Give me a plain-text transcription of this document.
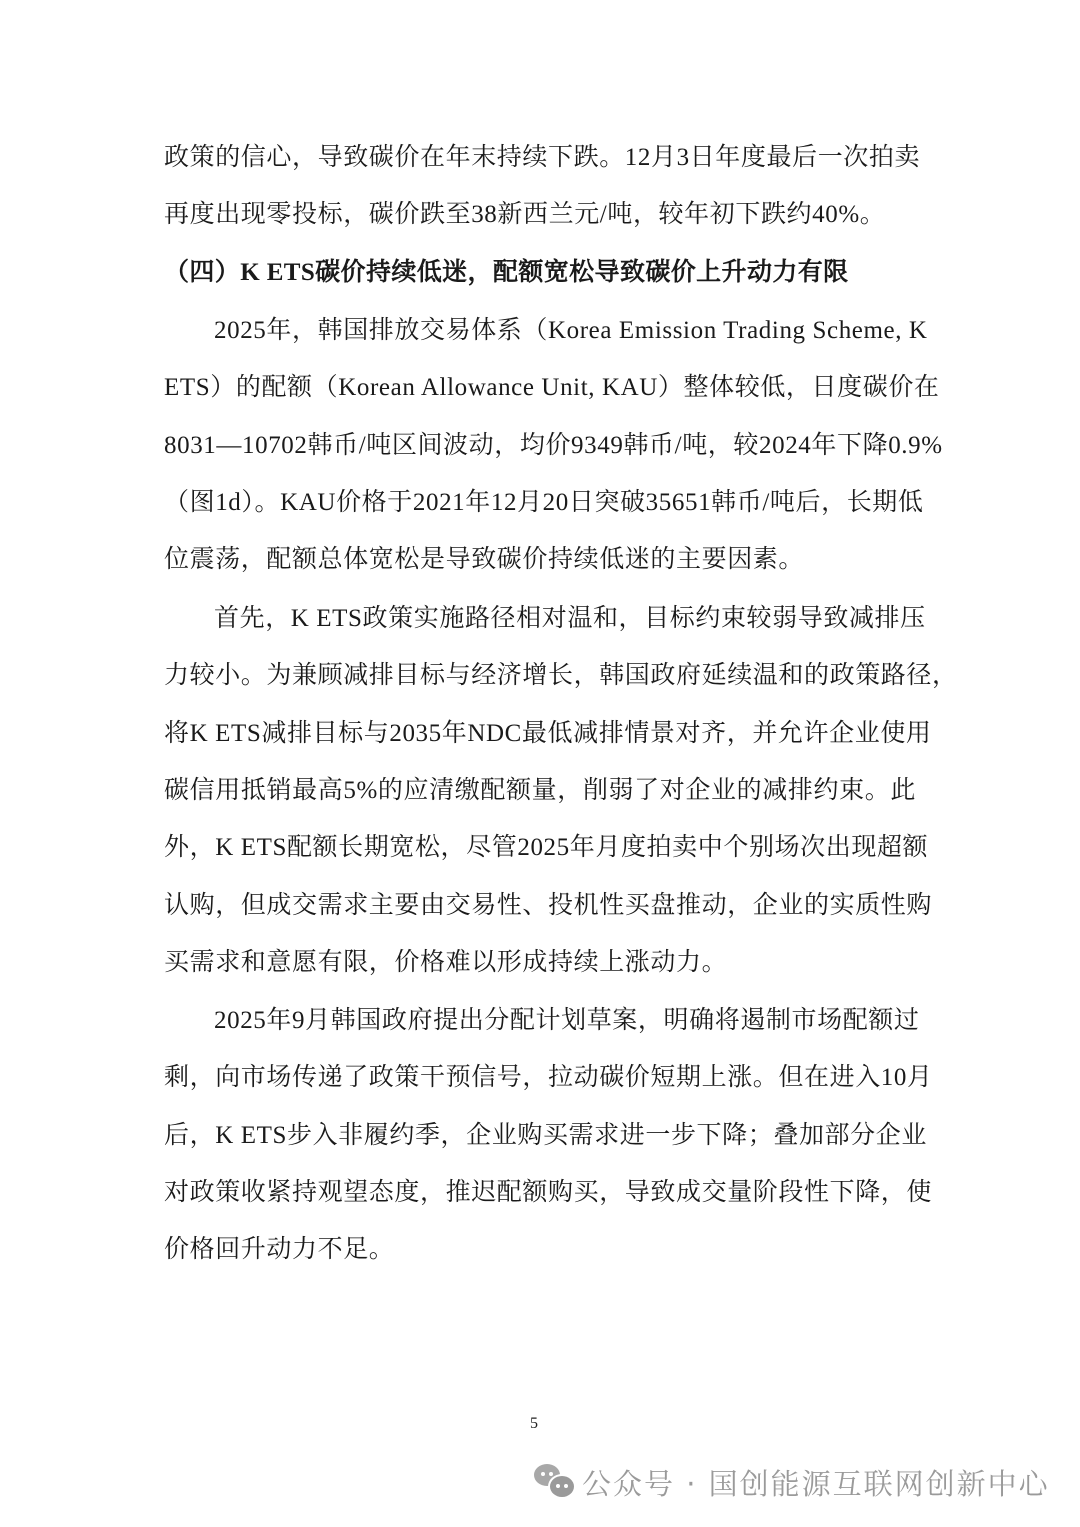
政策的信心，导致碳价在年末持续下跌。12月3日年度最后一次拍卖
再度出现零投标，碳价跌至38新西兰元/吨，较年初下跌约40%。
（四）K ETS碳价持续低迷，配额宽松导致碳价上升动力有限
2025年，韩国排放交易体系（Korea Emission Trading Scheme, K
ETS）的配额（Korean Allowance Unit, KAU）整体较低，日度碳价在
8031—10702韩币/吨区间波动，均价9349韩币/吨，较2024年下降0.9%
（图1d）。KAU价格于2021年12月20日突破35651韩币/吨后，长期低
位震荡，配额总体宽松是导致碳价持续低迷的主要因素。
首先，K ETS政策实施路径相对温和，目标约束较弱导致减排压
力较小。为兼顾减排目标与经济增长，韩国政府延续温和的政策路径，
将K ETS减排目标与2035年NDC最低减排情景对齐，并允许企业使用
碳信用抵销最高5%的应清缴配额量，削弱了对企业的减排约束。此
外，K ETS配额长期宽松，尽管2025年月度拍卖中个别场次出现超额
认购，但成交需求主要由交易性、投机性买盘推动，企业的实质性购
买需求和意愿有限，价格难以形成持续上涨动力。
2025年9月韩国政府提出分配计划草案，明确将遏制市场配额过
剩，向市场传递了政策干预信号，拉动碳价短期上涨。但在进入10月
后，K ETS步入非履约季，企业购买需求进一步下降；叠加部分企业
对政策收紧持观望态度，推迟配额购买，导致成交量阶段性下降，使
价格回升动力不足。
5
公众号 · 国创能源互联网创新中心
